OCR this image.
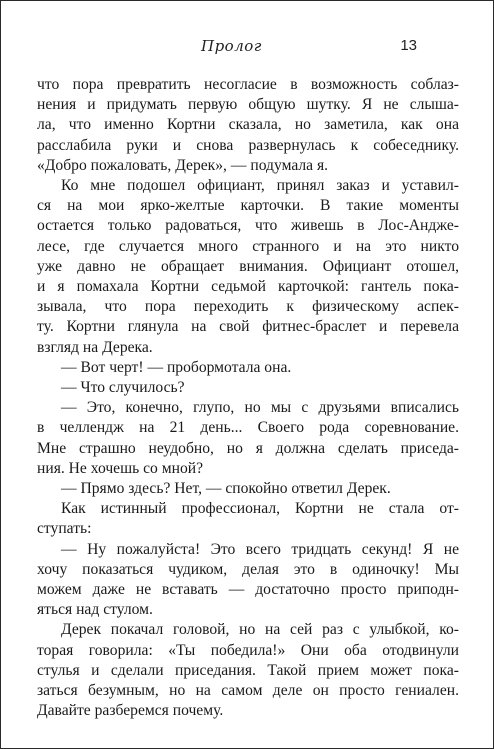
Пролог	13
что пора превратить несогласие в возможность соблаз-
нения и придумать первую общую шутку. Я не слыша-
ла, что именно Кортни сказала, но заметила, как она
расслабила руки и снова развернулась к собеседнику.
«Добро пожаловать, Дерек», — подумала я.
Ко мне подошел официант, принял заказ и уставил-
ся на мои ярко-желтые карточки. В такие моменты
остается только радоваться, что живешь в Лос-Андже-
лесе, где случается много странного и на это никто
уже давно не обращает внимания. Официант отошел,
и я помахала Кортни седьмой карточкой: гантель пока-
зывала, что пора переходить к физическому аспек-
ту. Кортни глянула на свой фитнес-браслет и перевела
взгляд на Дерека.
— Вот черт! — пробормотала она.
— Что случилось?
— Это, конечно, глупо, но мы с друзьями вписались
в челлендж на 21 день... Своего рода соревнование.
Мне страшно неудобно, но я должна сделать приседа-
ния. Не хочешь со мной?
— Прямо здесь? Нет, — спокойно ответил Дерек.
Как истинный профессионал, Кортни не стала от-
ступать:
— Ну пожалуйста! Это всего тридцать секунд! Я не
хочу показаться чудиком, делая это в одиночку! Мы
можем даже не вставать — достаточно просто приподн-
яться над стулом.
Дерек покачал головой, но на сей раз с улыбкой, ко-
торая говорила: «Ты победила!» Они оба отодвинули
стулья и сделали приседания. Такой прием может пока-
заться безумным, но на самом деле он просто гениален.
Давайте разберемся почему.
